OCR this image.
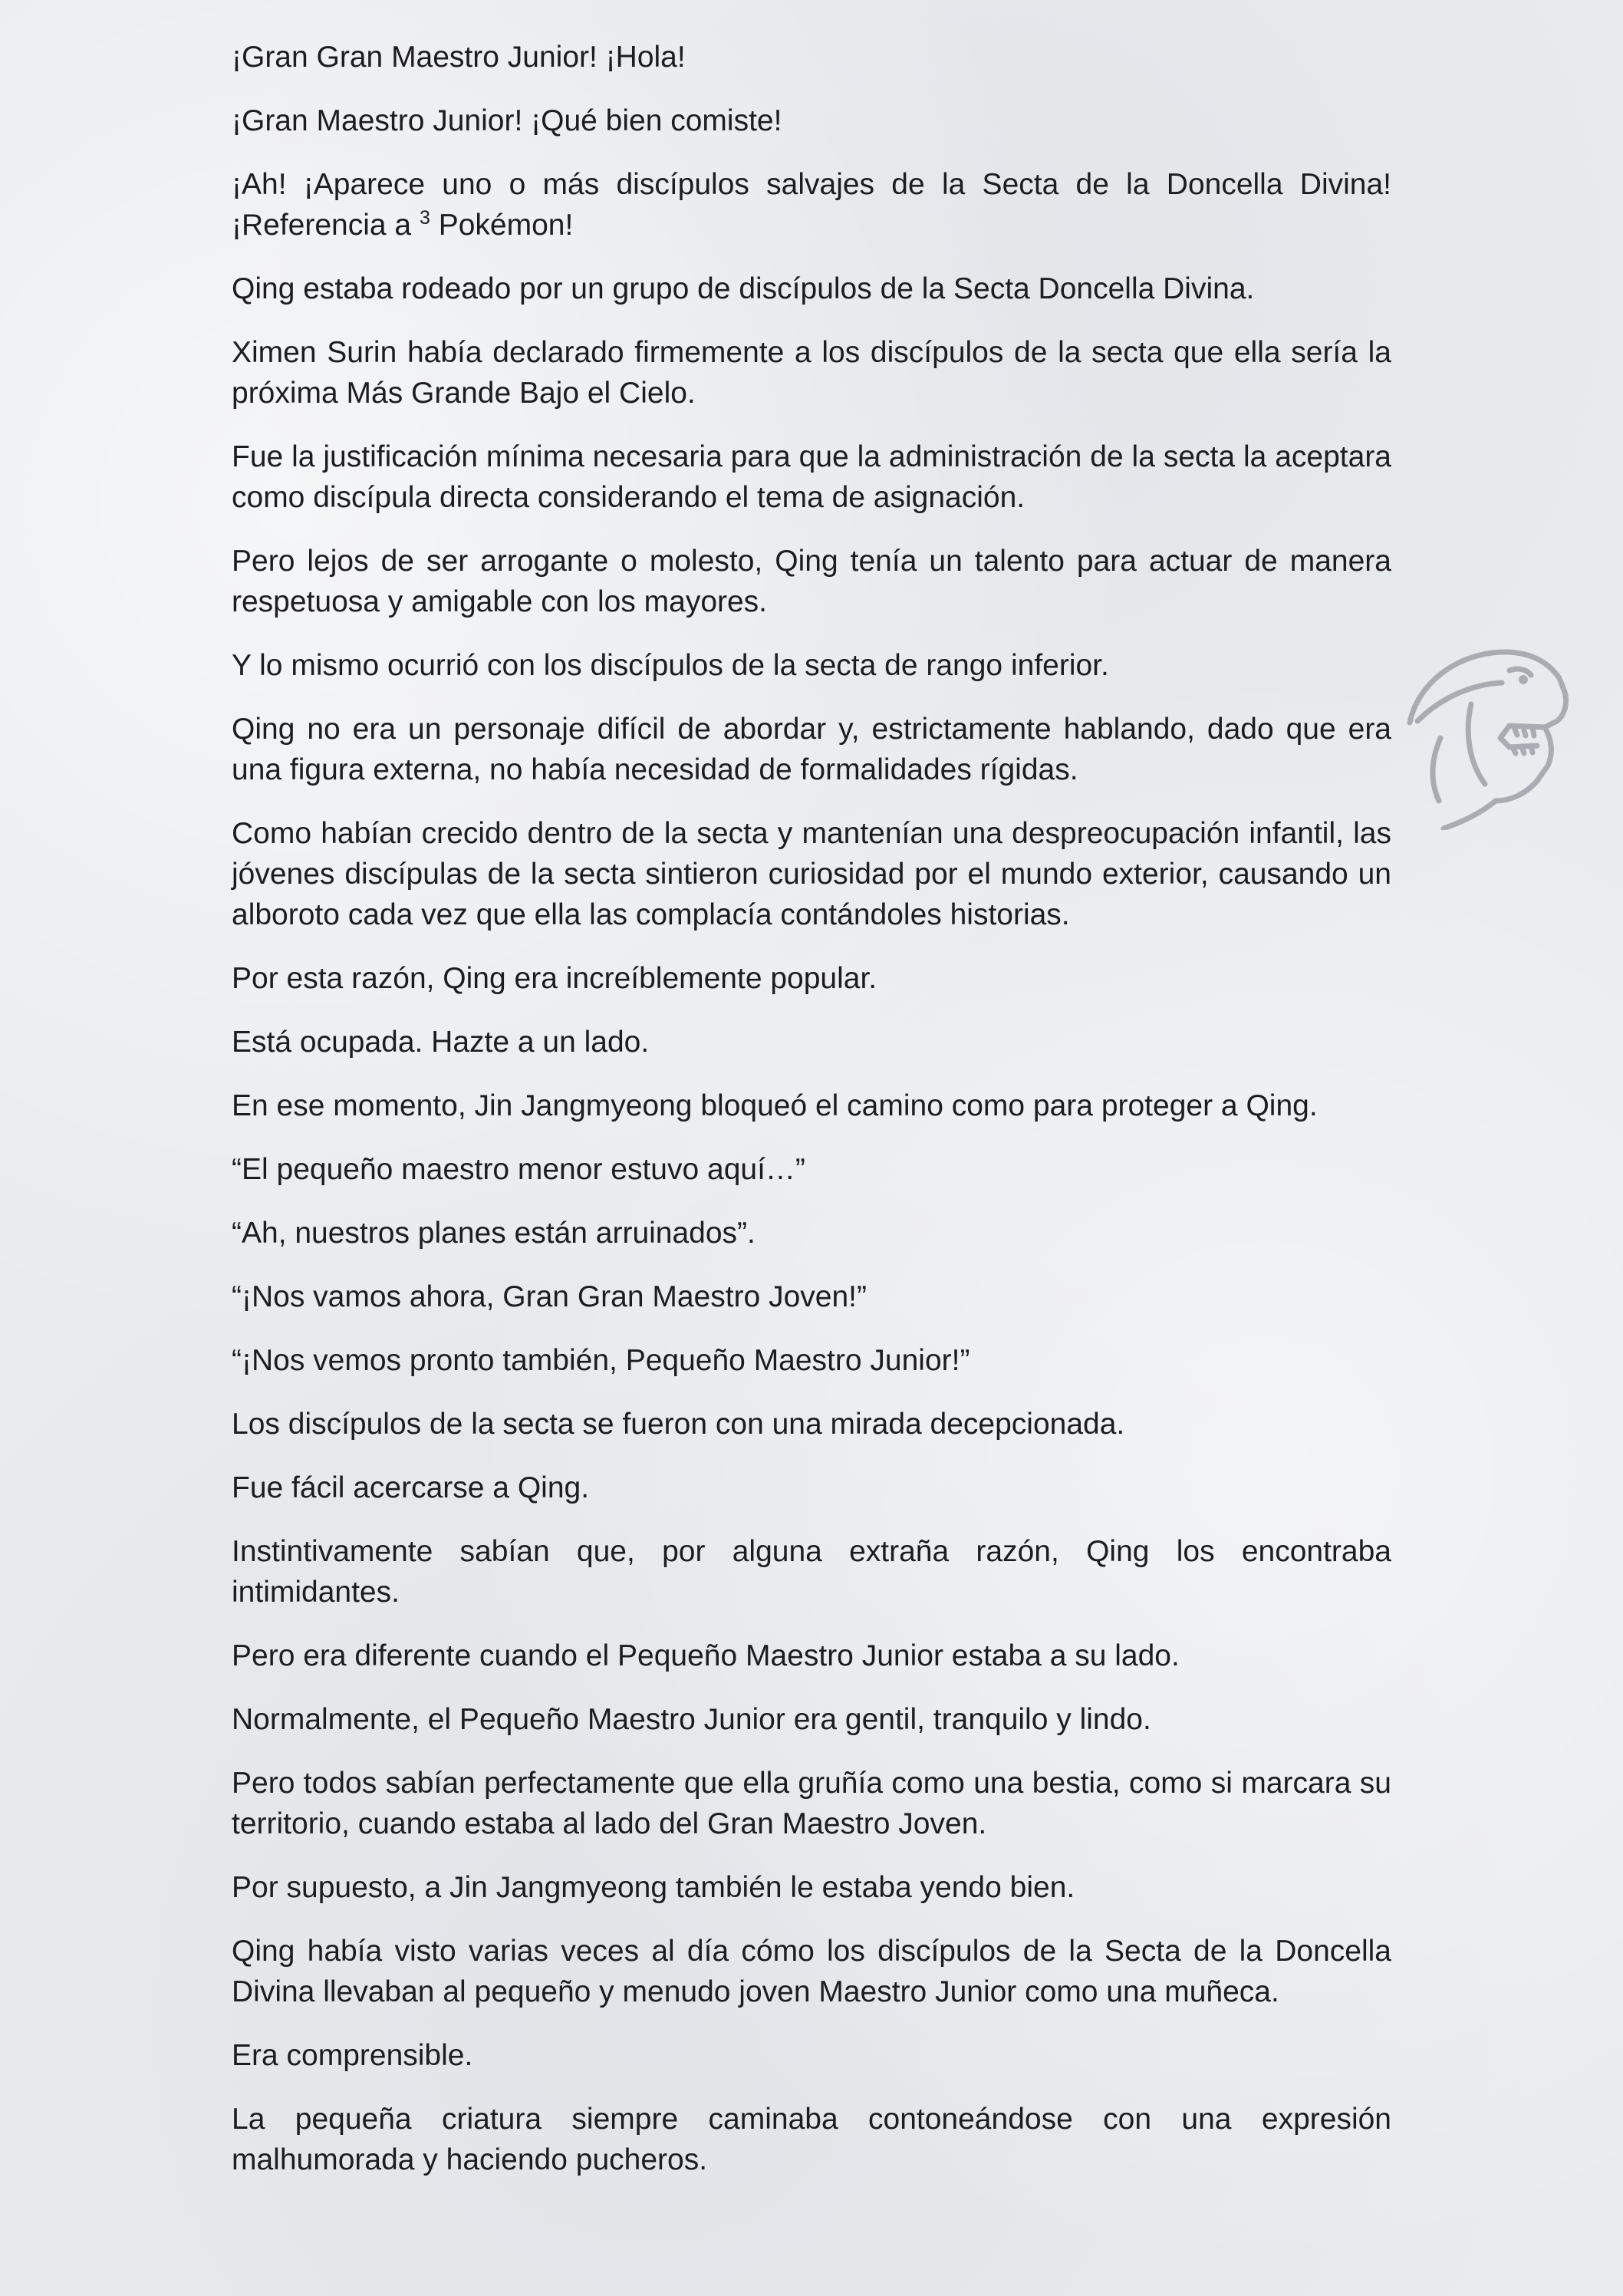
¡Gran Gran Maestro Junior! ¡Hola!

¡Gran Maestro Junior! ¡Qué bien comiste!

¡Ah! ¡Aparece uno o más discípulos salvajes de la Secta de la Doncella Divina! ¡Referencia a $^3$ Pokémon!

Qing estaba rodeado por un grupo de discípulos de la Secta Doncella Divina.

Ximen Surin había declarado firmemente a los discípulos de la secta que ella sería la próxima Más Grande Bajo el Cielo.

Fue la justificación mínima necesaria para que la administración de la secta la aceptara como discípula directa considerando el tema de asignación.

Pero lejos de ser arrogante o molesto, Qing tenía un talento para actuar de manera respetuosa y amigable con los mayores.

Y lo mismo ocurrió con los discípulos de la secta de rango inferior.

Qing no era un personaje difícil de abordar y, estrictamente hablando, dado que era una figura externa, no había necesidad de formalidades rígidas.

Como habían crecido dentro de la secta y mantenían una despreocupación infantil, las jóvenes discípulas de la secta sintieron curiosidad por el mundo exterior, causando un alboroto cada vez que ella las complacía contándoles historias.

Por esta razón, Qing era increíblemente popular.

Está ocupada. Hazte a un lado.

En ese momento, Jin Jangmyeong bloqueó el camino como para proteger a Qing.

“El pequeño maestro menor estuvo aquí…”

“Ah, nuestros planes están arruinados”.

“¡Nos vamos ahora, Gran Gran Maestro Joven!”

“¡Nos vemos pronto también, Pequeño Maestro Junior!”

Los discípulos de la secta se fueron con una mirada decepcionada.

Fue fácil acercarse a Qing.

Instintivamente sabían que, por alguna extraña razón, Qing los encontraba intimidantes.

Pero era diferente cuando el Pequeño Maestro Junior estaba a su lado.

Normalmente, el Pequeño Maestro Junior era gentil, tranquilo y lindo.

Pero todos sabían perfectamente que ella gruñía como una bestia, como si marcara su territorio, cuando estaba al lado del Gran Maestro Joven.

Por supuesto, a Jin Jangmyeong también le estaba yendo bien.

Qing había visto varias veces al día cómo los discípulos de la Secta de la Doncella Divina llevaban al pequeño y menudo joven Maestro Junior como una muñeca.

Era comprensible.

La pequeña criatura siempre caminaba contoneándose con una expresión malhumorada y haciendo pucheros.
